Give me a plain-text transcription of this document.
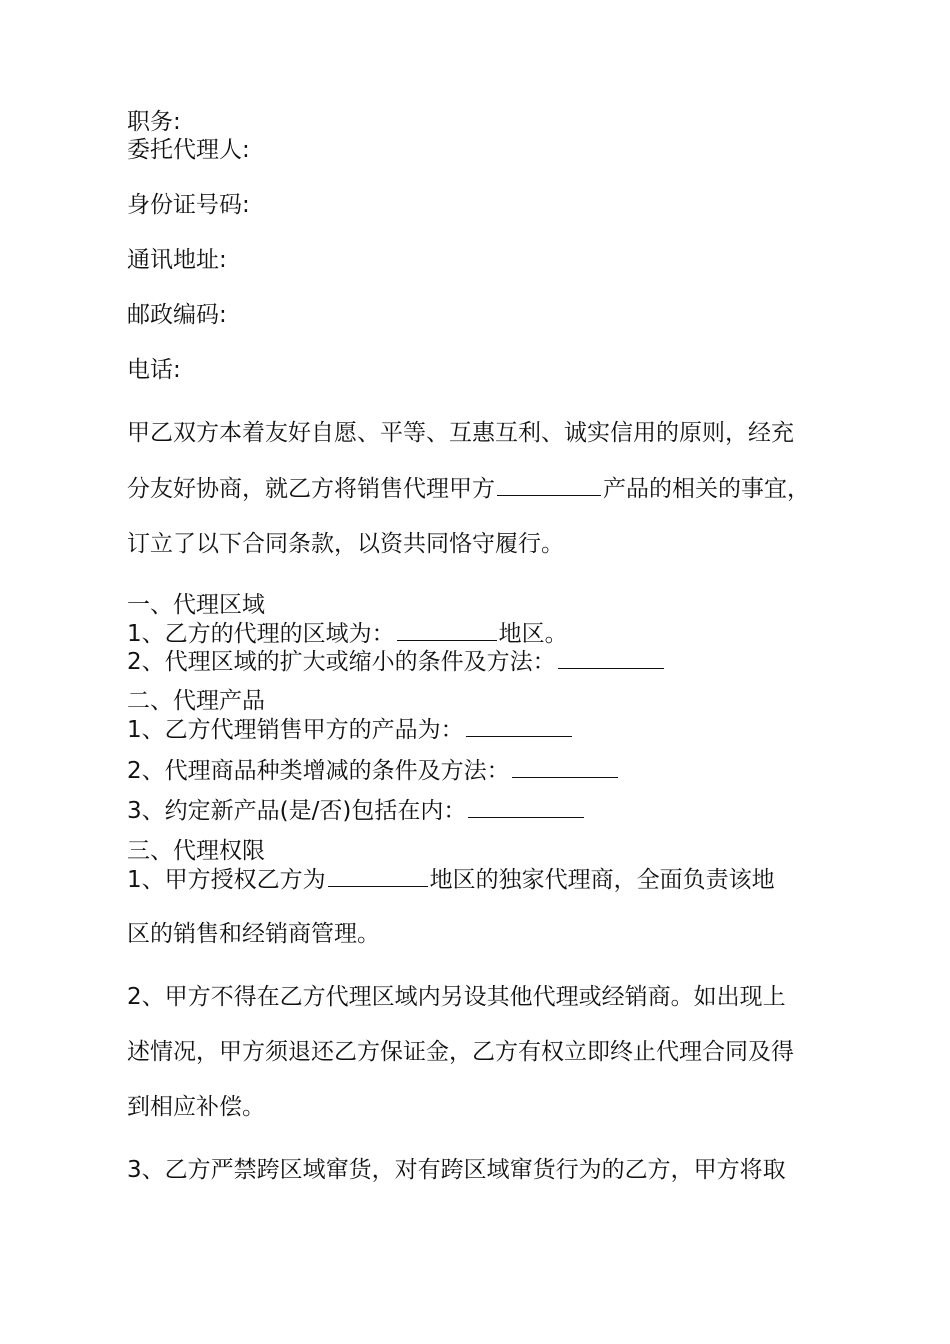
职务:
委托代理人:
身份证号码:
通讯地址:
邮政编码:
电话:
甲乙双方本着友好自愿、平等、互惠互利、诚实信用的原则，经充
分友好协商，就乙方将销售代理甲方	产品的相关的事宜，
订立了以下合同条款，以资共同恪守履行。
一、代理区域
1、乙方的代理的区域为：	地区。
2、代理区域的扩大或缩小的条件及方法：
二、代理产品
1、乙方代理销售甲方的产品为：
2、代理商品种类增减的条件及方法：
3、约定新产品(是/否)包括在内：
三、代理权限
1、甲方授权乙方为	地区的独家代理商，全面负责该地
区的销售和经销商管理。
2、甲方不得在乙方代理区域内另设其他代理或经销商。如出现上
述情况，甲方须退还乙方保证金，乙方有权立即终止代理合同及得
到相应补偿。
3、乙方严禁跨区域窜货，对有跨区域窜货行为的乙方，甲方将取
